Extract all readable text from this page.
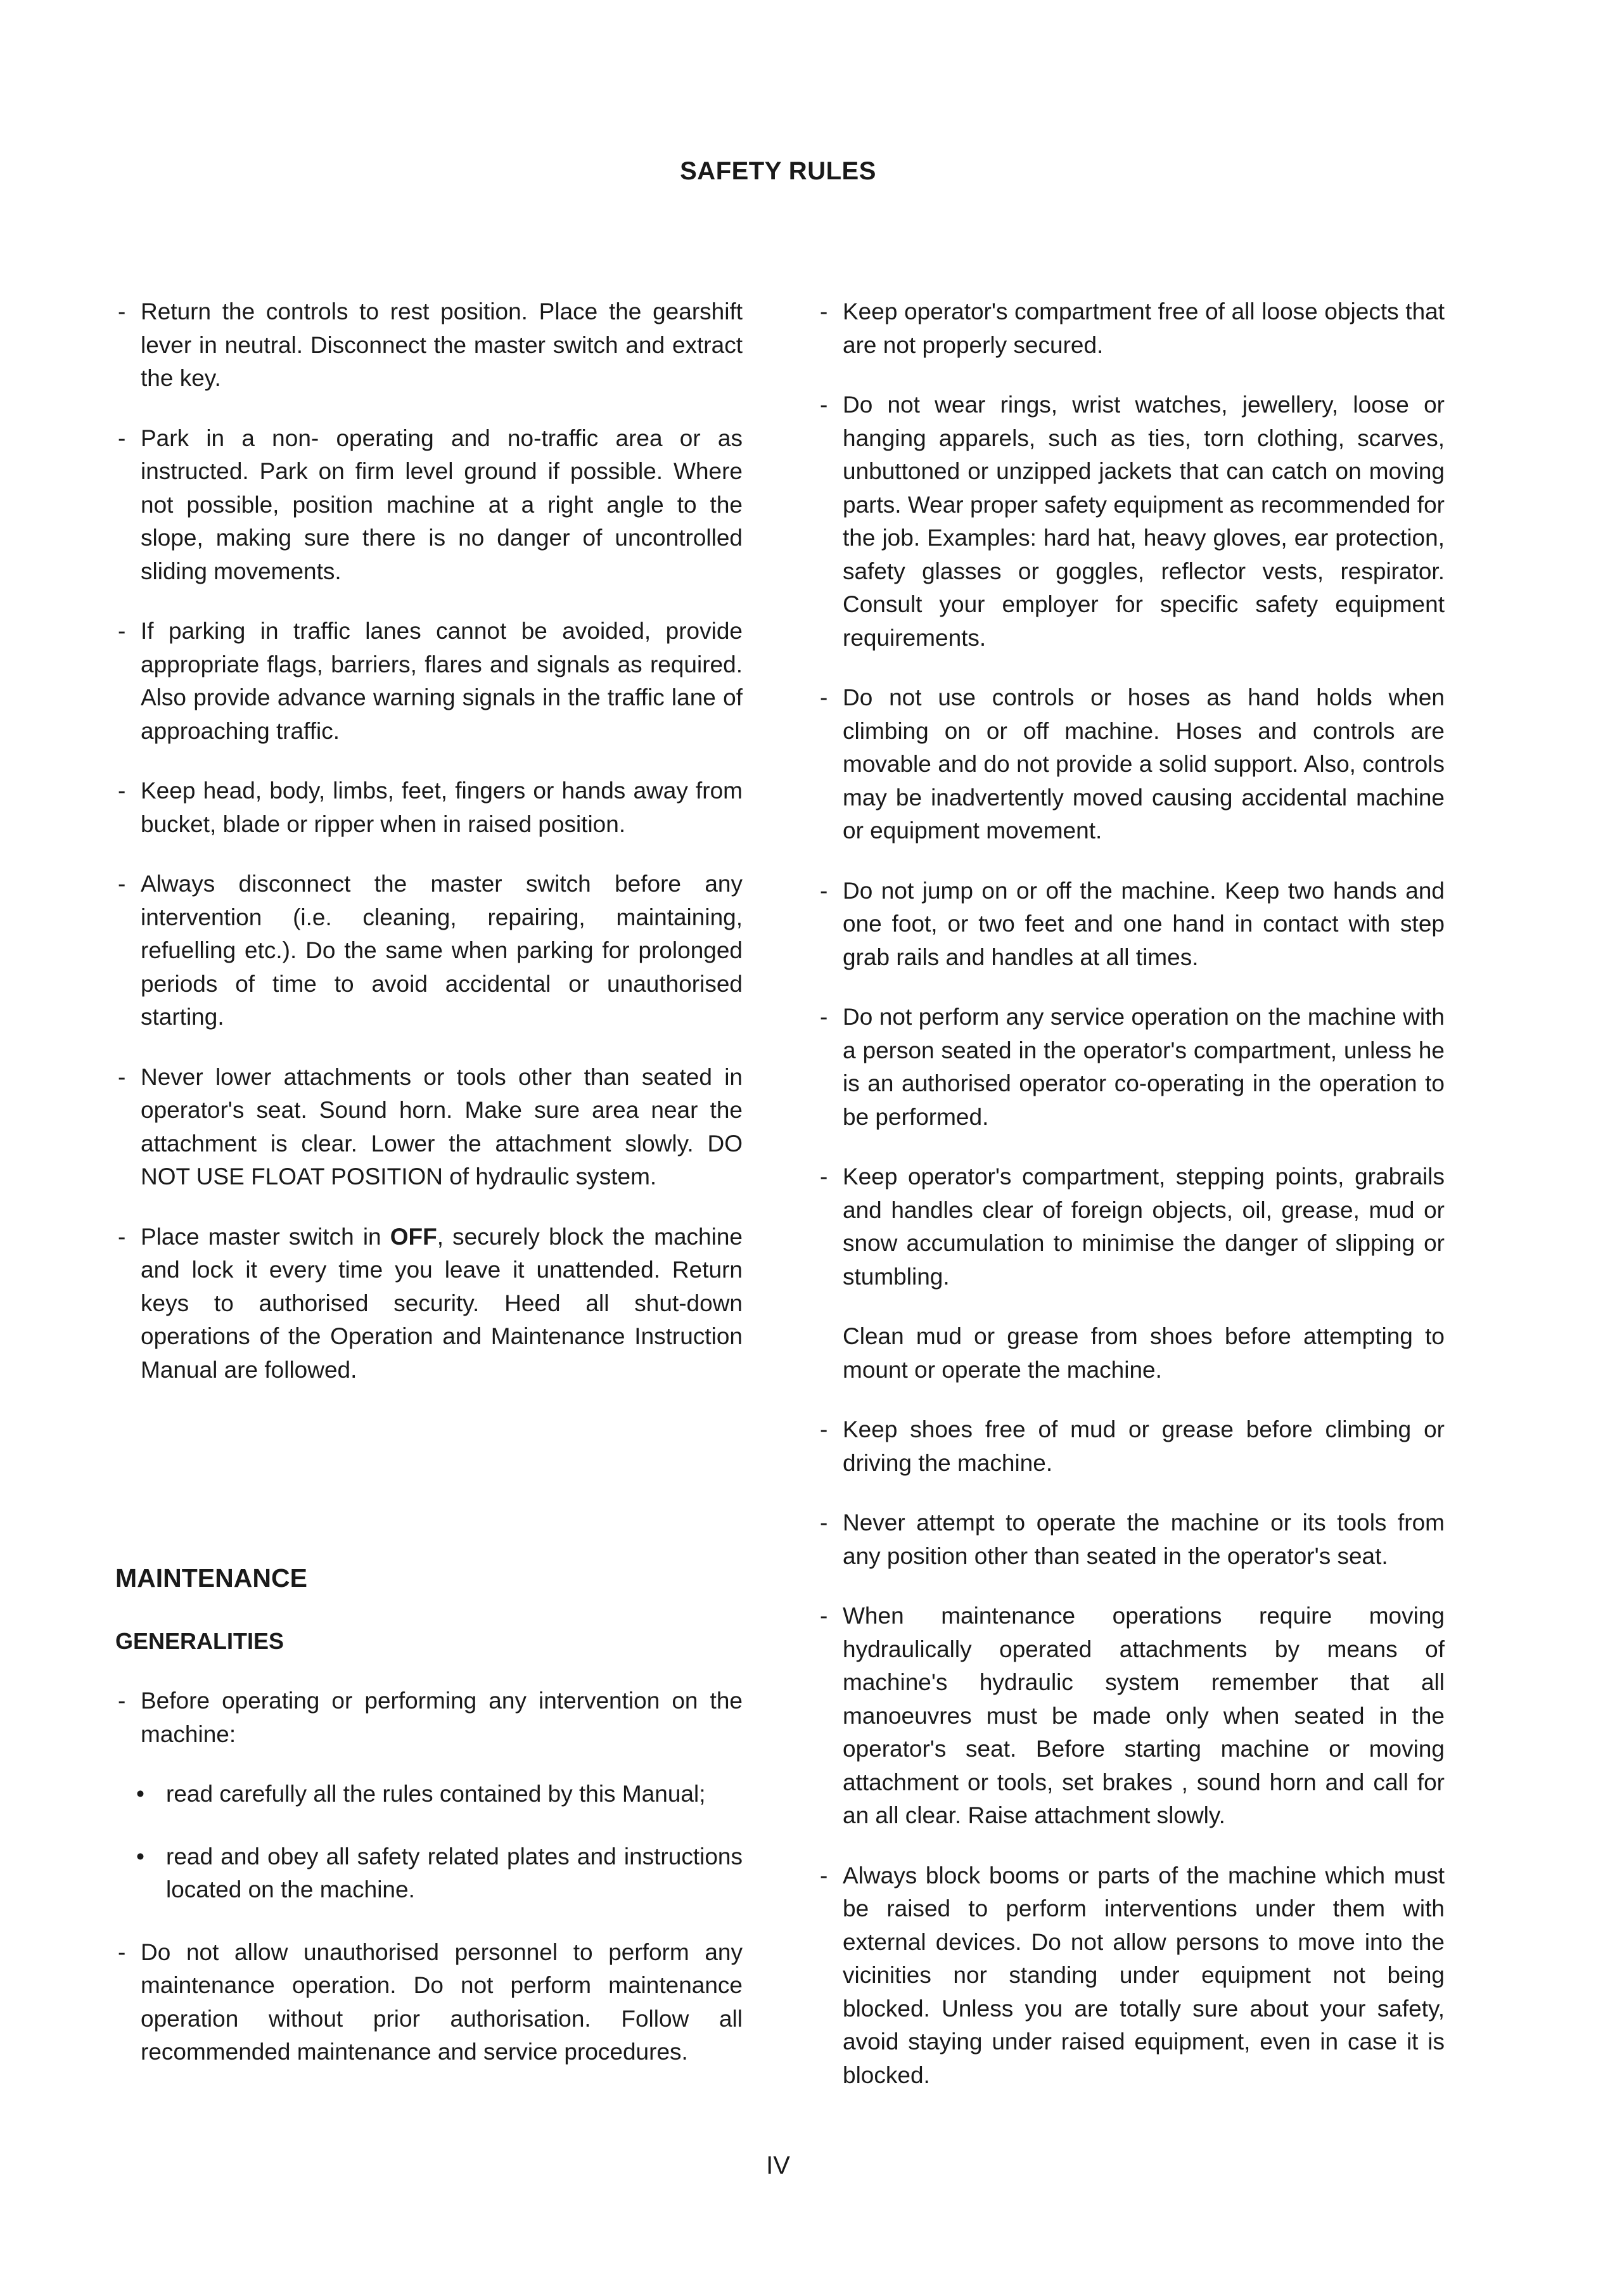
SAFETY RULES
- Return the controls to rest position. Place the gearshift lever in neutral. Disconnect the master switch and extract the key.
- Park in a non- operating and no-traffic area or as instructed. Park on firm level ground if possible. Where not possible, position machine at a right angle to the slope, making sure there is no danger of uncontrolled sliding movements.
- If parking in traffic lanes cannot be avoided, provide appropriate flags, barriers, flares and signals as required. Also provide advance warning signals in the traffic lane of approaching traffic.
- Keep head, body, limbs, feet, fingers or hands away from bucket, blade or ripper when in raised position.
- Always disconnect the master switch before any intervention (i.e. cleaning, repairing, maintaining, refuelling etc.). Do the same when parking for prolonged periods of time to avoid accidental or unauthorised starting.
- Never lower attachments or tools other than seated in operator's seat. Sound horn. Make sure area near the attachment is clear. Lower the attachment slowly. DO NOT USE FLOAT POSITION of hydraulic system.
- Place master switch in OFF, securely block the machine and lock it every time you leave it unattended. Return keys to authorised security. Heed all shut-down operations of the Operation and Maintenance Instruction Manual are followed.
MAINTENANCE
GENERALITIES
- Before operating or performing any intervention on the machine:
• read carefully all the rules contained by this Manual;
• read and obey all safety related plates and instructions located on the machine.
- Do not allow unauthorised personnel to perform any maintenance operation. Do not perform maintenance operation without prior authorisation. Follow all recommended maintenance and service procedures.
- Keep operator's compartment free of all loose objects that are not properly secured.
- Do not wear rings, wrist watches, jewellery, loose or hanging apparels, such as ties, torn clothing, scarves, unbuttoned or unzipped jackets that can catch on moving parts. Wear proper safety equipment as recommended for the job. Examples: hard hat, heavy gloves, ear protection, safety glasses or goggles, reflector vests, respirator. Consult your employer for specific safety equipment requirements.
- Do not use controls or hoses as hand holds when climbing on or off machine. Hoses and controls are movable and do not provide a solid support. Also, controls may be inadvertently moved causing accidental machine or equipment movement.
- Do not jump on or off the machine. Keep two hands and one foot, or two feet and one hand in contact with step grab rails and handles at all times.
- Do not perform any service operation on the machine with a person seated in the operator's compartment, unless he is an authorised operator co-operating in the operation to be performed.
- Keep operator's compartment, stepping points, grabrails and handles clear of foreign objects, oil, grease, mud or snow accumulation to minimise the danger of slipping or stumbling.
Clean mud or grease from shoes before attempting to mount or operate the machine.
- Keep shoes free of mud or grease before climbing or driving the machine.
- Never attempt to operate the machine or its tools from any position other than seated in the operator's seat.
- When maintenance operations require moving hydraulically operated attachments by means of machine's hydraulic system remember that all manoeuvres must be made only when seated in the operator's seat. Before starting machine or moving attachment or tools, set brakes , sound horn and call for an all clear. Raise attachment slowly.
- Always block booms or parts of the machine which must be raised to perform interventions under them with external devices. Do not allow persons to move into the vicinities nor standing under equipment not being blocked. Unless you are totally sure about your safety, avoid staying under raised equipment, even in case it is blocked.
IV
